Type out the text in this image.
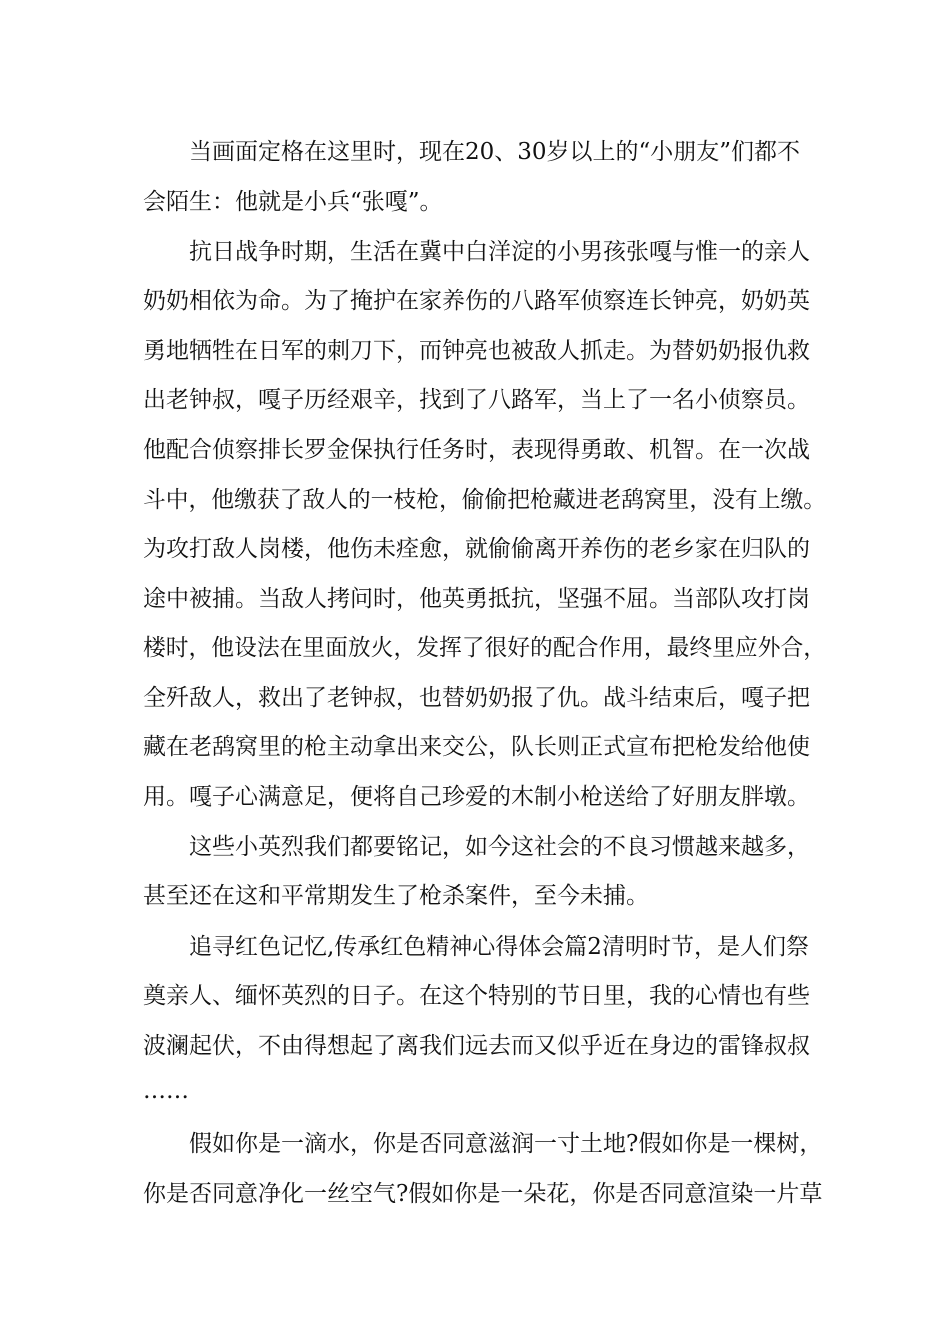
当画面定格在这里时，现在20、30岁以上的“小朋友”们都不
会陌生：他就是小兵“张嘎”。
抗日战争时期，生活在冀中白洋淀的小男孩张嘎与惟一的亲人
奶奶相依为命。为了掩护在家养伤的八路军侦察连长钟亮，奶奶英
勇地牺牲在日军的刺刀下，而钟亮也被敌人抓走。为替奶奶报仇救
出老钟叔，嘎子历经艰辛，找到了八路军，当上了一名小侦察员。
他配合侦察排长罗金保执行任务时，表现得勇敢、机智。在一次战
斗中，他缴获了敌人的一枝枪，偷偷把枪藏进老鸹窝里，没有上缴。
为攻打敌人岗楼，他伤未痊愈，就偷偷离开养伤的老乡家在归队的
途中被捕。当敌人拷问时，他英勇抵抗，坚强不屈。当部队攻打岗
楼时，他设法在里面放火，发挥了很好的配合作用，最终里应外合，
全歼敌人，救出了老钟叔，也替奶奶报了仇。战斗结束后，嘎子把
藏在老鸹窝里的枪主动拿出来交公，队长则正式宣布把枪发给他使
用。嘎子心满意足，便将自己珍爱的木制小枪送给了好朋友胖墩。
这些小英烈我们都要铭记，如今这社会的不良习惯越来越多，
甚至还在这和平常期发生了枪杀案件，至今未捕。
追寻红色记忆,传承红色精神心得体会篇2清明时节，是人们祭
奠亲人、缅怀英烈的日子。在这个特别的节日里，我的心情也有些
波澜起伏，不由得想起了离我们远去而又似乎近在身边的雷锋叔叔
……
假如你是一滴水，你是否同意滋润一寸土地?假如你是一棵树，
你是否同意净化一丝空气?假如你是一朵花，你是否同意渲染一片草
